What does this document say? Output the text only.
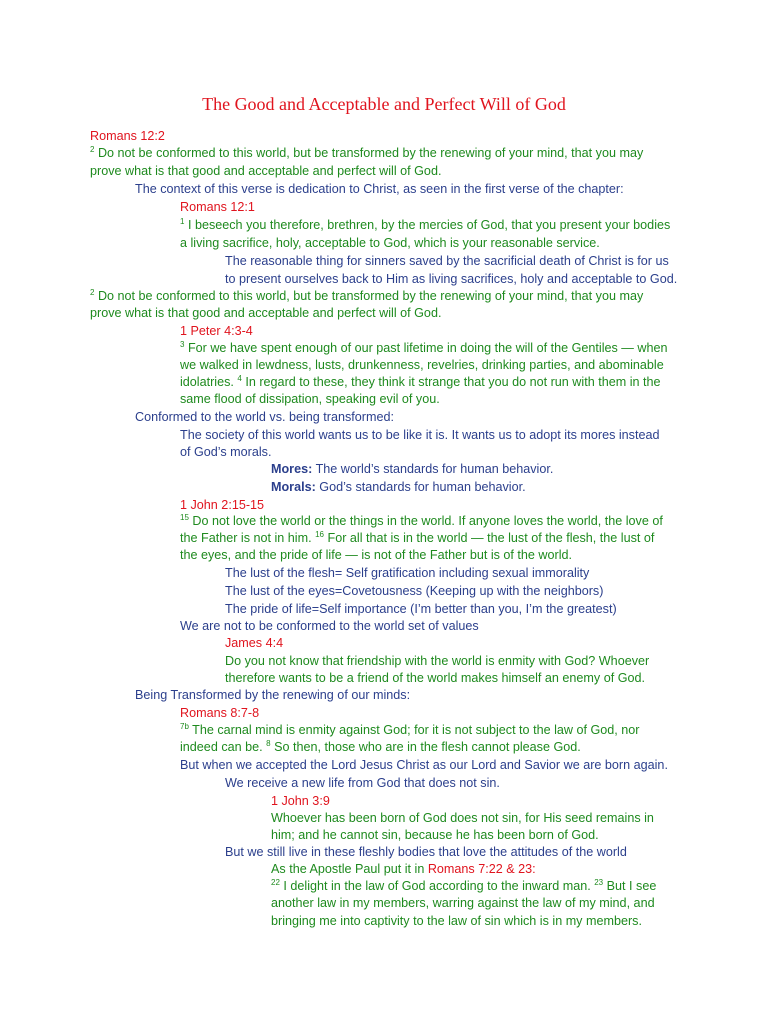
The Good and Acceptable and Perfect Will of God
Romans 12:2
$^2$ Do not be conformed to this world, but be transformed by the renewing of your mind, that you may
prove what is that good and acceptable and perfect will of God.
The context of this verse is dedication to Christ, as seen in the first verse of the chapter:
Romans 12:1
$^1$ I beseech you therefore, brethren, by the mercies of God, that you present your bodies
a living sacrifice, holy, acceptable to God, which is your reasonable service.
The reasonable thing for sinners saved by the sacrificial death of Christ is for us
to present ourselves back to Him as living sacrifices, holy and acceptable to God.
$^2$ Do not be conformed to this world, but be transformed by the renewing of your mind, that you may
prove what is that good and acceptable and perfect will of God.
1 Peter 4:3-4
$^3$ For we have spent enough of our past lifetime in doing the will of the Gentiles — when
we walked in lewdness, lusts, drunkenness, revelries, drinking parties, and abominable
idolatries. $^4$ In regard to these, they think it strange that you do not run with them in the
same flood of dissipation, speaking evil of you.
Conformed to the world vs. being transformed:
The society of this world wants us to be like it is. It wants us to adopt its mores instead
of God’s morals.
Mores: The world’s standards for human behavior.
Morals: God’s standards for human behavior.
1 John 2:15-15
$^{15}$ Do not love the world or the things in the world. If anyone loves the world, the love of
the Father is not in him. $^{16}$ For all that is in the world — the lust of the flesh, the lust of
the eyes, and the pride of life — is not of the Father but is of the world.
The lust of the flesh= Self gratification including sexual immorality
The lust of the eyes=Covetousness (Keeping up with the neighbors)
The pride of life=Self importance (I’m better than you, I’m the greatest)
We are not to be conformed to the world set of values
James 4:4
Do you not know that friendship with the world is enmity with God? Whoever
therefore wants to be a friend of the world makes himself an enemy of God.
Being Transformed by the renewing of our minds:
Romans 8:7-8
$^{7b}$ The carnal mind is enmity against God; for it is not subject to the law of God, nor
indeed can be. $^8$ So then, those who are in the flesh cannot please God.
But when we accepted the Lord Jesus Christ as our Lord and Savior we are born again.
We receive a new life from God that does not sin.
1 John 3:9
Whoever has been born of God does not sin, for His seed remains in
him; and he cannot sin, because he has been born of God.
But we still live in these fleshly bodies that love the attitudes of the world
As the Apostle Paul put it in Romans 7:22 & 23:
$^{22}$ I delight in the law of God according to the inward man. $^{23}$ But I see
another law in my members, warring against the law of my mind, and
bringing me into captivity to the law of sin which is in my members.
